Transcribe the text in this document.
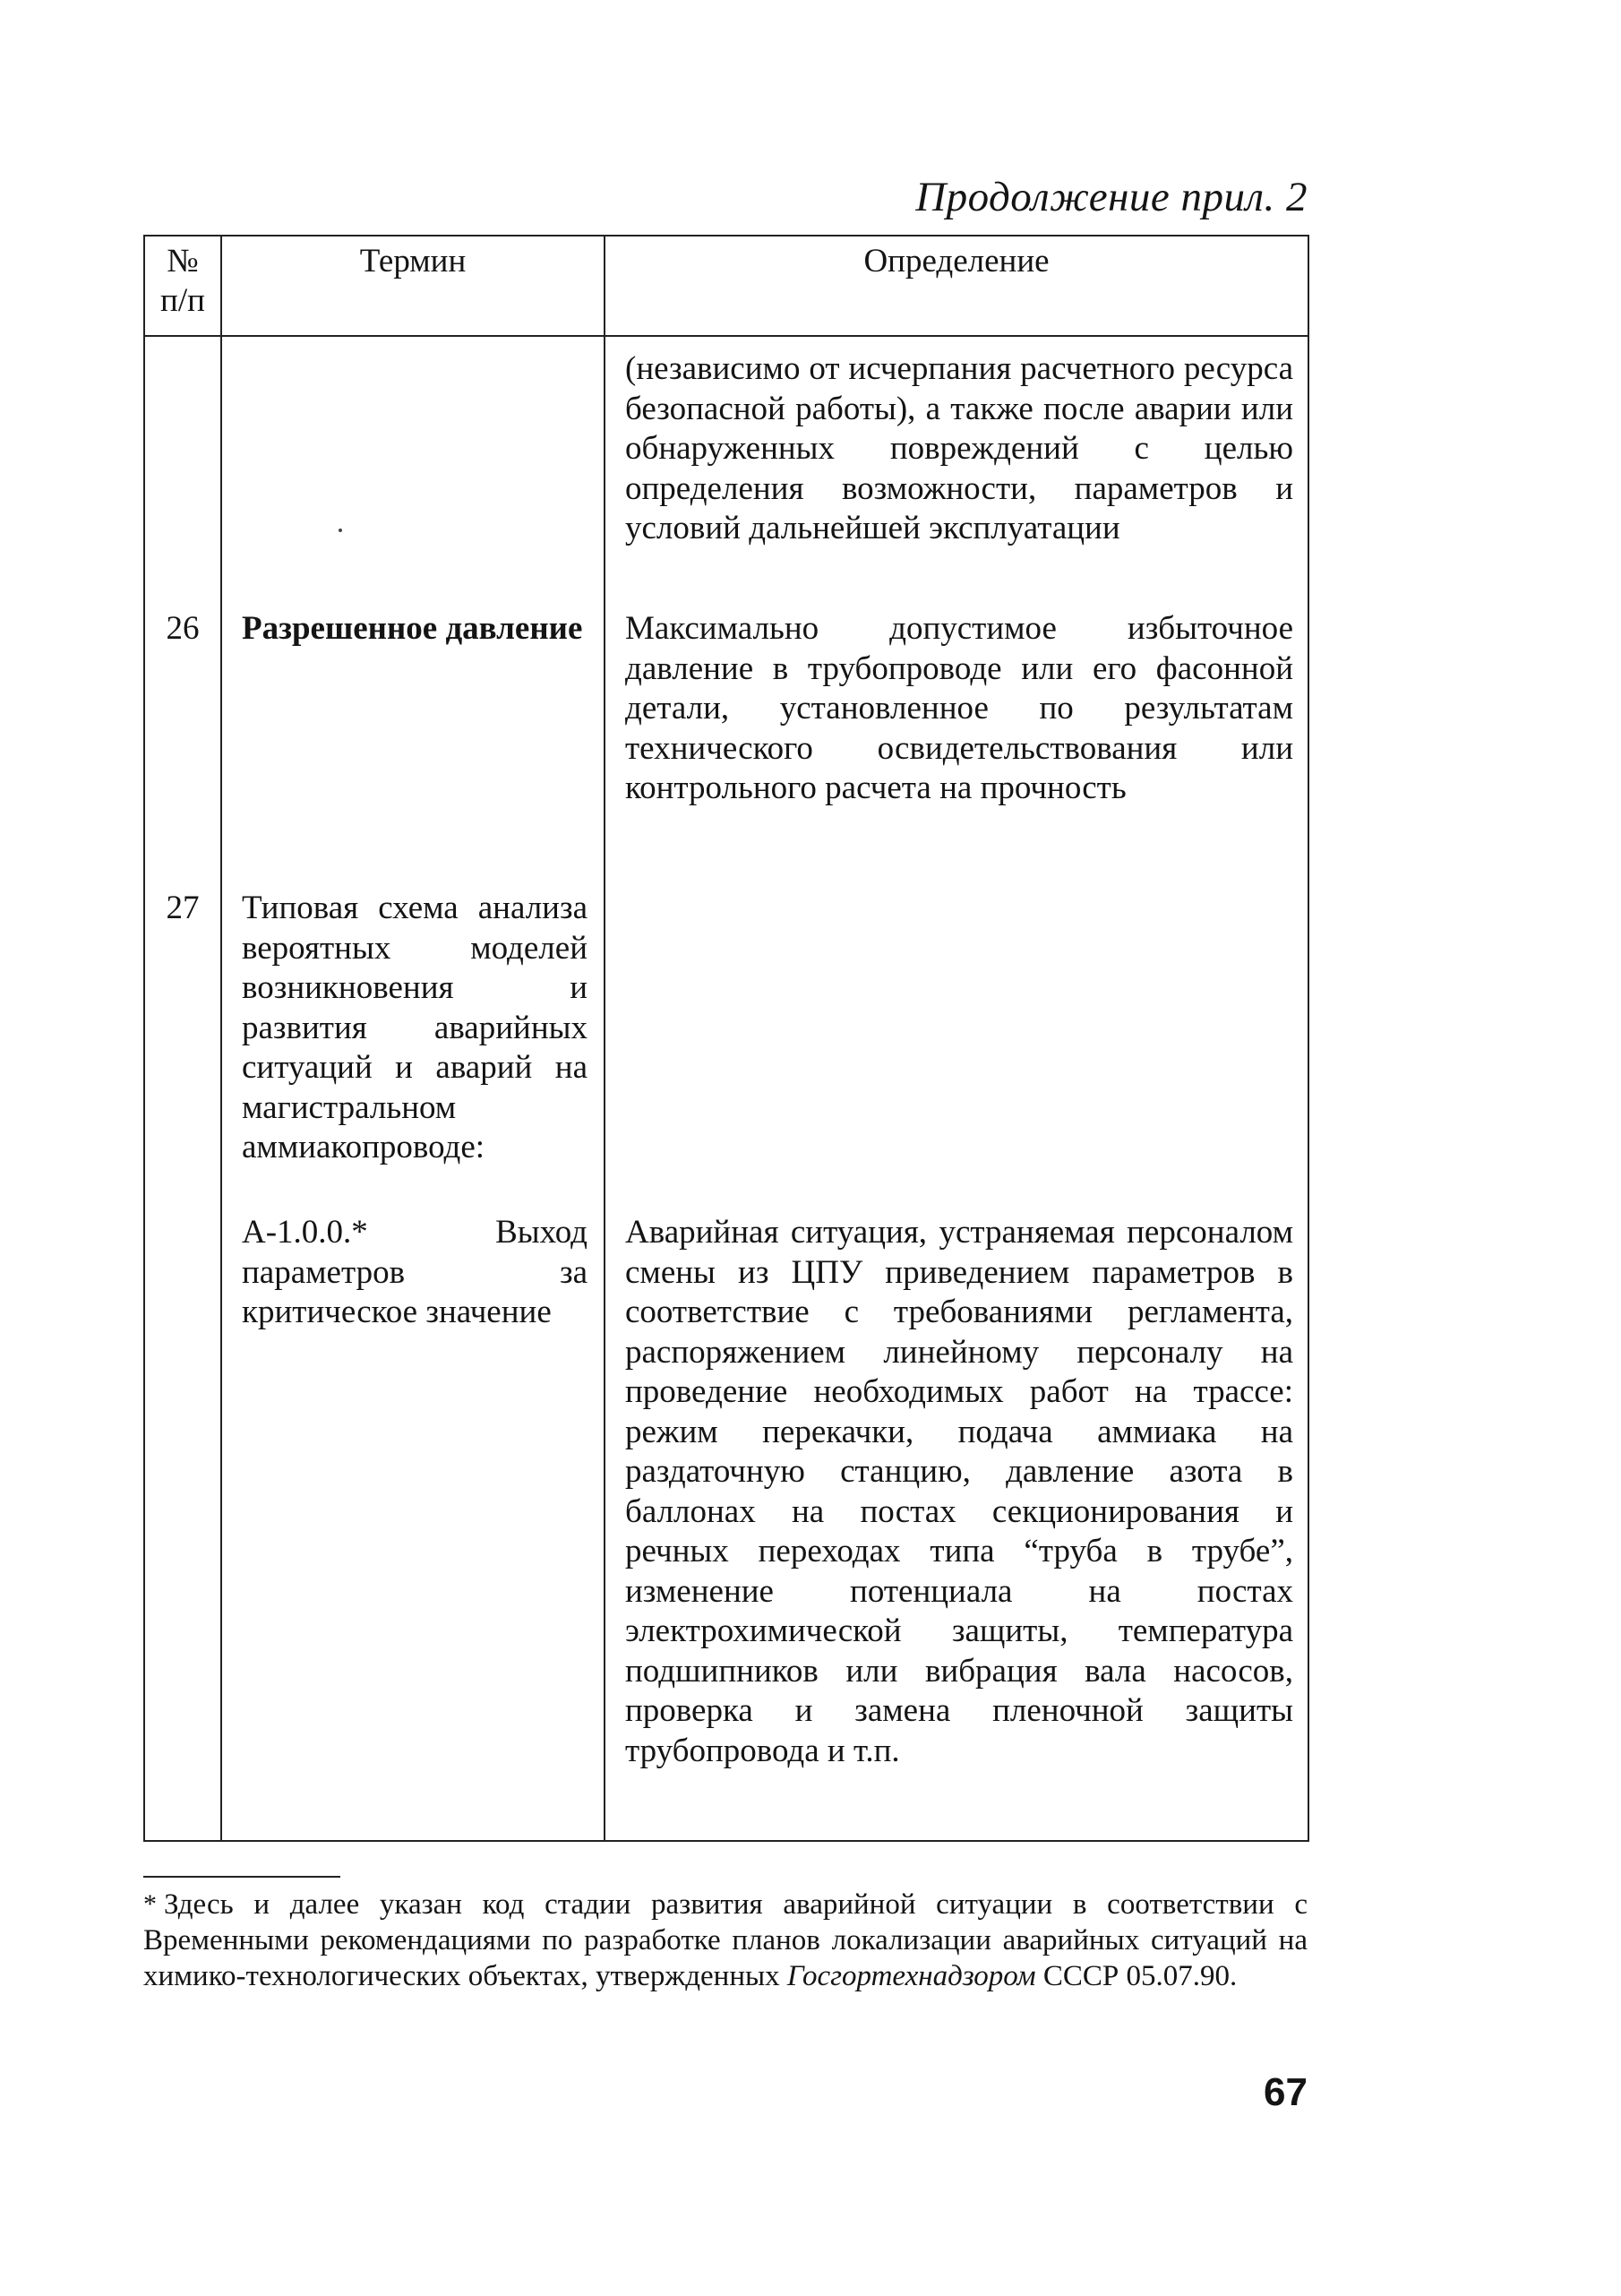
Продолжение прил. 2
№ п/п	Термин	Определение
		(независимо от исчерпания расчетного ресурса безопасной работы), а также после аварии или обнаруженных повреждений с целью определения возможности, параметров и условий дальнейшей эксплуатации
26	Разрешенное давление	Максимально допустимое избыточное давление в трубопроводе или его фасонной детали, установленное по результатам технического освидетельствования или контрольного расчета на прочность
27	Типовая схема анализа вероятных моделей возникновения и развития аварийных ситуаций и аварий на магистральном аммиакопроводе:	
	А-1.0.0.* Выход параметров за критическое значение	Аварийная ситуация, устраняемая персоналом смены из ЦПУ приведением параметров в соответствие с требованиями регламента, распоряжением линейному персоналу на проведение необходимых работ на трассе: режим перекачки, подача аммиака на раздаточную станцию, давление азота в баллонах на постах секционирования и речных переходах типа “труба в трубе”, изменение потенциала на постах электрохимической защиты, температура подшипников или вибрация вала насосов, проверка и замена пленочной защиты трубопровода и т.п.
* Здесь и далее указан код стадии развития аварийной ситуации в соответствии с Временными рекомендациями по разработке планов локализации аварийных ситуаций на химико-технологических объектах, утвержденных Госгортехнадзором СССР 05.07.90.
67
